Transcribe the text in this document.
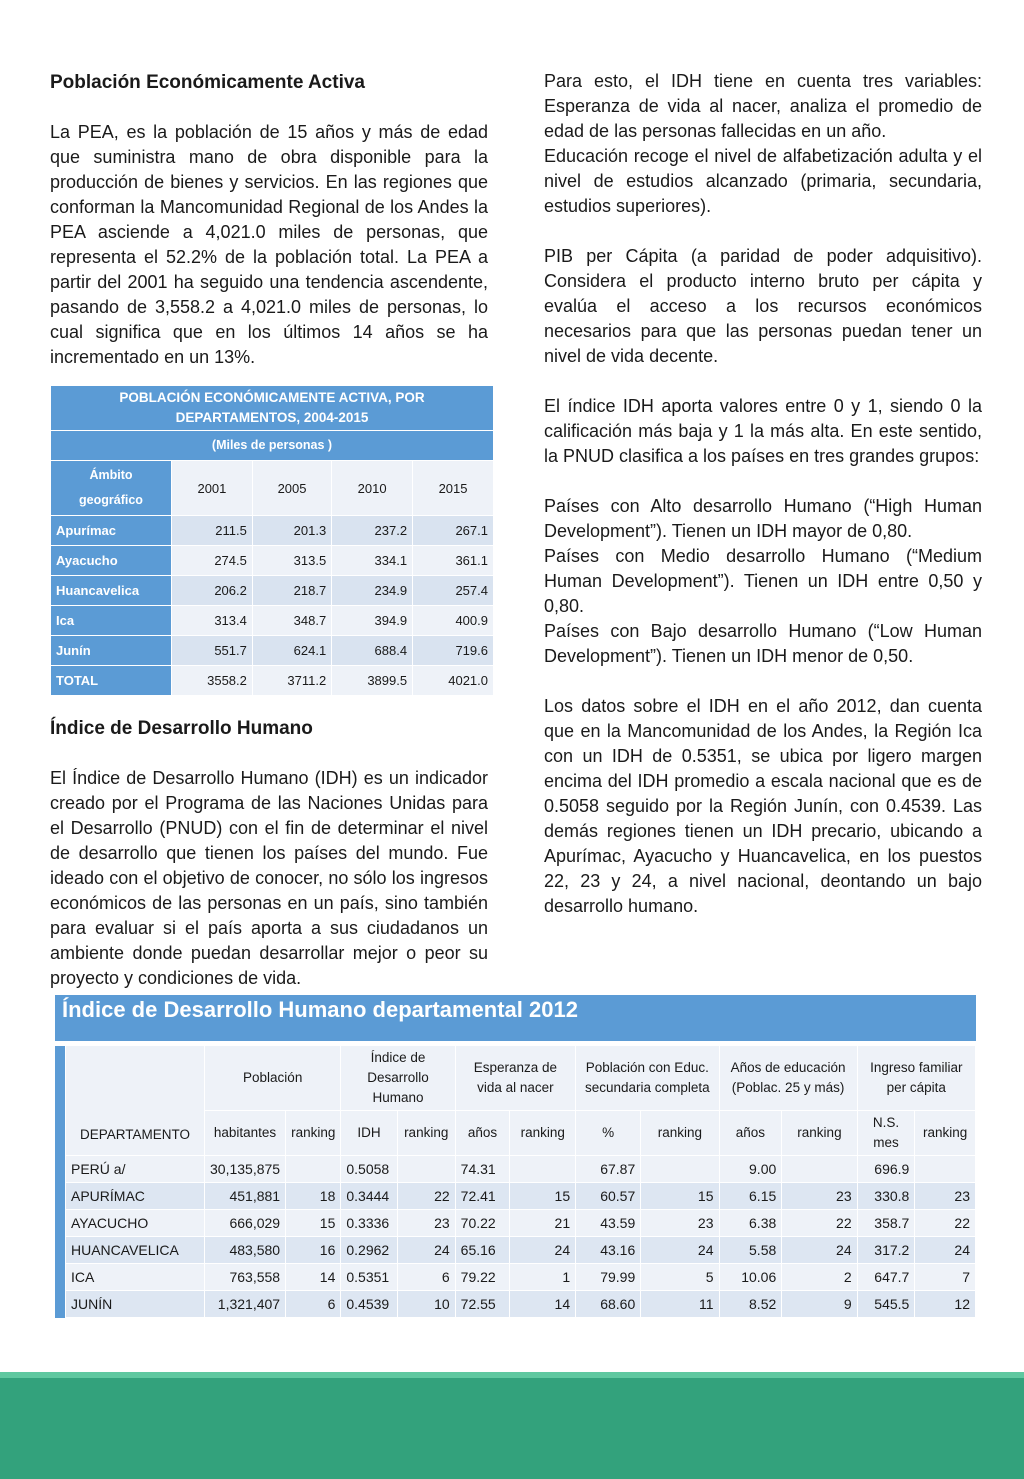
Población Económicamente Activa

La PEA, es la población de 15 años y más de edad que suministra mano de obra disponible para la producción de bienes y servicios. En las regiones que conforman la Mancomunidad Regional de los Andes la PEA asciende a 4,021.0 miles de personas, que representa el 52.2% de la población total. La PEA a partir del 2001 ha seguido una tendencia ascendente, pasando de 3,558.2 a 4,021.0 miles de personas, lo cual significa que en los últimos 14 años se ha incrementado en un 13%.

POBLACIÓN ECONÓMICAMENTE ACTIVA, POR DEPARTAMENTOS, 2004-2015				
(Miles de personas )				
Ámbito geográfico	2001	2005	2010	2015
Apurímac	211.5	201.3	237.2	267.1
Ayacucho	274.5	313.5	334.1	361.1
Huancavelica	206.2	218.7	234.9	257.4
Ica	313.4	348.7	394.9	400.9
Junín	551.7	624.1	688.4	719.6
TOTAL	3558.2	3711.2	3899.5	4021.0
Índice de Desarrollo Humano

El Índice de Desarrollo Humano (IDH) es un indicador creado por el Programa de las Naciones Unidas para el Desarrollo (PNUD) con el fin de determinar el nivel de desarrollo que tienen los países del mundo. Fue ideado con el objetivo de conocer, no sólo los ingresos económicos de las personas en un país, sino también para evaluar si el país aporta a sus ciudadanos un ambiente donde puedan desarrollar mejor o peor su proyecto y condiciones de vida.

Para esto, el IDH tiene en cuenta tres variables: Esperanza de vida al nacer, analiza el promedio de edad de las personas fallecidas en un año.

Educación recoge el nivel de alfabetización adulta y el nivel de estudios alcanzado (primaria, secundaria, estudios superiores).

PIB per Cápita (a paridad de poder adquisitivo). Considera el producto interno bruto per cápita y evalúa el acceso a los recursos económicos necesarios para que las personas puedan tener un nivel de vida decente.

El índice IDH aporta valores entre 0 y 1, siendo 0 la calificación más baja y 1 la más alta. En este sentido, la PNUD clasifica a los países en tres grandes grupos:

Países con Alto desarrollo Humano (“High Human Development”). Tienen un IDH mayor de 0,80.

Países con Medio desarrollo Humano (“Medium Human Development”). Tienen un IDH entre 0,50 y 0,80.

Países con Bajo desarrollo Humano (“Low Human Development”). Tienen un IDH menor de 0,50.

Los datos sobre el IDH en el año 2012, dan cuenta que en la Mancomunidad de los Andes, la Región Ica con un IDH de 0.5351, se ubica por ligero margen encima del IDH promedio a escala nacional que es de 0.5058 seguido por la Región Junín, con 0.4539. Las demás regiones tienen un IDH precario, ubicando a Apurímac, Ayacucho y Huancavelica, en los puestos 22, 23 y 24, a nivel nacional, deontando un bajo desarrollo humano.

Índice de Desarrollo Humano departamental 2012
	DEPARTAMENTO	Población		Índice de Desarrollo Humano		Esperanza de vida al nacer		Población con Educ. secundaria completa		Años de educación (Poblac. 25 y más)		Ingreso familiar per cápita	
		habitantes	ranking	IDH	ranking	años	ranking	%	ranking	años	ranking	N.S. mes	ranking
	PERÚ a/	30,135,875		0.5058		74.31		67.87		9.00		696.9	
	APURÍMAC	451,881	18	0.3444	22	72.41	15	60.57	15	6.15	23	330.8	23
	AYACUCHO	666,029	15	0.3336	23	70.22	21	43.59	23	6.38	22	358.7	22
	HUANCAVELICA	483,580	16	0.2962	24	65.16	24	43.16	24	5.58	24	317.2	24
	ICA	763,558	14	0.5351	6	79.22	1	79.99	5	10.06	2	647.7	7
	JUNÍN	1,321,407	6	0.4539	10	72.55	14	68.60	11	8.52	9	545.5	12
